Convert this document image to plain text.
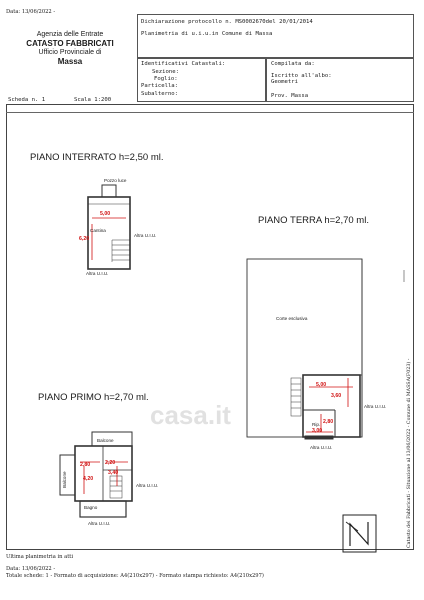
Data: 13/06/2022 -
Agenzia delle Entrate
CATASTO FABBRICATI
Ufficio Provinciale di
Massa
Dichiarazione protocollo n. MS0002670del 20/01/2014
Planimetria di u.i.u.in Comune di Massa
Identificativi Catastali:
Sezione:
Foglio:
Particella:
Subalterno:
Compilata da:
Iscritto all'albo:
Geometri
Prov. Massa
Scheda n. 1	Scala 1:200
casa.it
PIANO INTERRATO h=2,50 ml.
PIANO TERRA h=2,70 ml.
PIANO PRIMO h=2,70 ml.
Pozzo luce
Cantina
Altra U.I.U.
Altra U.I.U.
5,00
6,20
Corte esclusiva
Altra U.I.U.
Altra U.I.U.
Rip.
5,00
3,60
2,80
3,00
Balcone
Balcone
Bagno
Altra U.I.U.
Altra U.I.U.
2,80	2,20
3,40
4,20	Catasto dei Fabbricati - Situazione al 13/06/2022 - Comune di MASSA(F023) -
Ultima planimetria in atti
Data: 13/06/2022 -
Totale schede: 1 - Formato di acquisizione: A4(210x297) - Formato stampa richiesto: A4(210x297)
